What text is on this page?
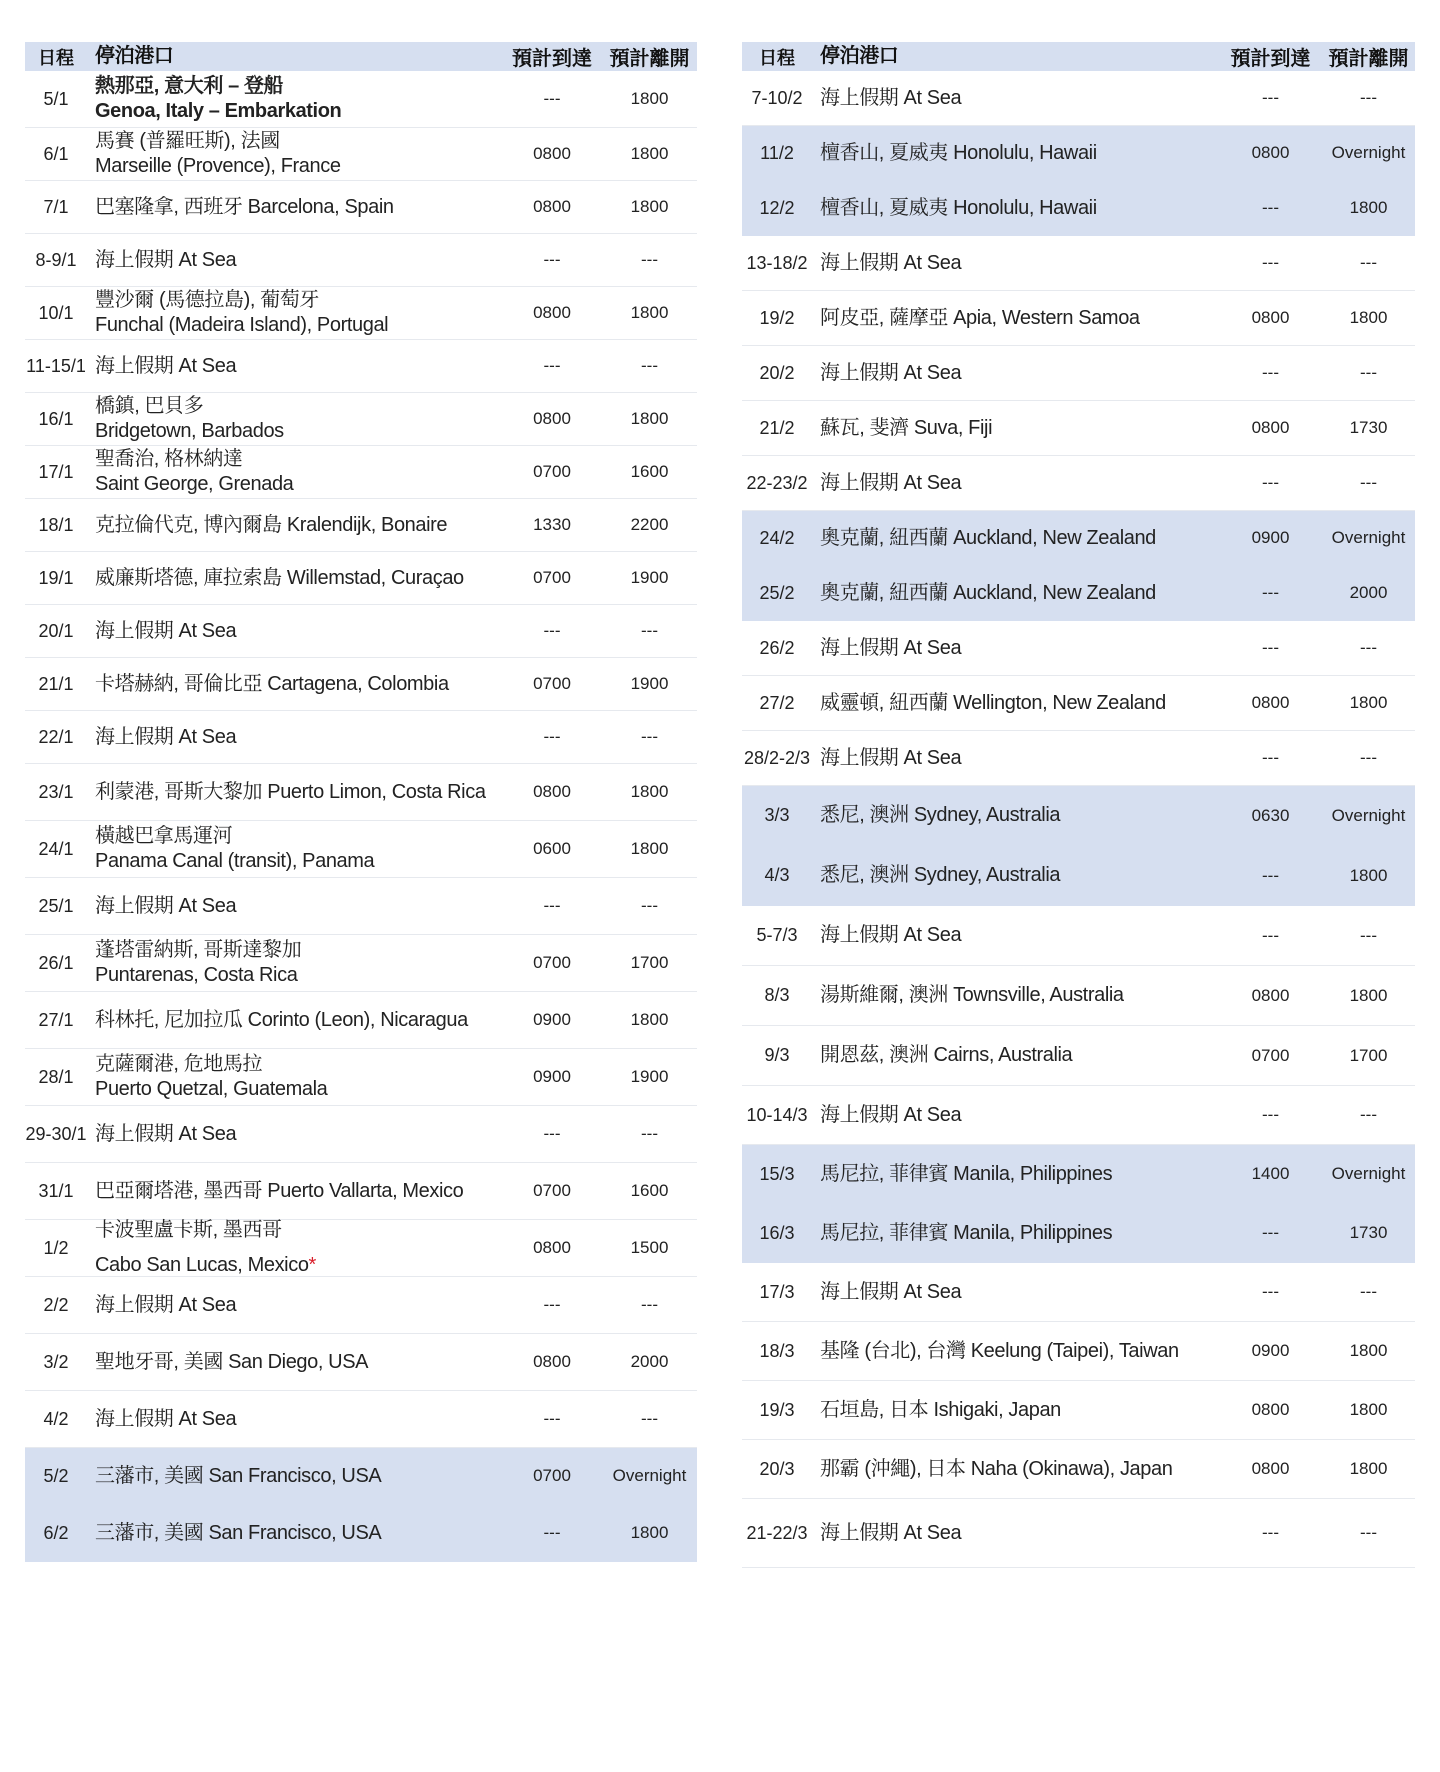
日程	停泊港口	預計到達 預計離開
5/1
熱那亞, 意大利 – 登船
Genoa, Italy – Embarkation
---	1800
6/1
馬賽 (普羅旺斯), 法國
Marseille (Provence), France
0800	1800
7/1	巴塞隆拿, 西班牙 Barcelona, Spain	0800	1800
8-9/1 海上假期 At Sea	---	---
10/1
豐沙爾 (馬德拉島), 葡萄牙
Funchal (Madeira Island), Portugal
0800	1800
11-15/1 海上假期 At Sea	---	---
16/1
橋鎮, 巴貝多
Bridgetown, Barbados
0800	1800
17/1
聖喬治, 格林納達
Saint George, Grenada
0700	1600
18/1	克拉倫代克, 博內爾島 Kralendijk, Bonaire	1330	2200
19/1	威廉斯塔德, 庫拉索島 Willemstad, Curaçao	0700	1900
20/1	海上假期 At Sea	---	---
21/1	卡塔赫納, 哥倫比亞 Cartagena, Colombia	0700	1900
22/1	海上假期 At Sea	---	---
23/1	利蒙港, 哥斯大黎加 Puerto Limon, Costa Rica	0800	1800
24/1
橫越巴拿馬運河
Panama Canal (transit), Panama
0600	1800
25/1	海上假期 At Sea	---	---
26/1
蓬塔雷納斯, 哥斯達黎加
Puntarenas, Costa Rica
0700	1700
27/1	科林托, 尼加拉瓜 Corinto (Leon), Nicaragua	0900	1800
28/1
克薩爾港, 危地馬拉
Puerto Quetzal, Guatemala
0900	1900
29-30/1 海上假期 At Sea	---	---
31/1	巴亞爾塔港, 墨西哥 Puerto Vallarta, Mexico	0700	1600
1/2
卡波聖盧卡斯, 墨西哥
Cabo San Lucas, Mexico*
0800	1500
2/2	海上假期 At Sea	---	---
3/2	聖地牙哥, 美國 San Diego, USA	0800	2000
4/2	海上假期 At Sea	---	---
5/2	三藩市, 美國 San Francisco, USA	0700	Overnight
6/2	三藩市, 美國 San Francisco, USA	---	1800
日程	停泊港口	預計到達 預計離開
7-10/2 海上假期 At Sea	---	---
11/2	檀香山, 夏威夷 Honolulu, Hawaii	0800	Overnight
12/2	檀香山, 夏威夷 Honolulu, Hawaii	---	1800
13-18/2 海上假期 At Sea	---	---
19/2	阿皮亞, 薩摩亞 Apia, Western Samoa	0800	1800
20/2	海上假期 At Sea	---	---
21/2	蘇瓦, 斐濟 Suva, Fiji	0800	1730
22-23/2 海上假期 At Sea	---	---
24/2	奧克蘭, 紐西蘭 Auckland, New Zealand	0900	Overnight
25/2	奧克蘭, 紐西蘭 Auckland, New Zealand	---	2000
26/2	海上假期 At Sea	---	---
27/2	威靈頓, 紐西蘭 Wellington, New Zealand	0800	1800
28/2-2/3 海上假期 At Sea	---	---
3/3	悉尼, 澳洲 Sydney, Australia	0630	Overnight
4/3	悉尼, 澳洲 Sydney, Australia	---	1800
5-7/3	海上假期 At Sea	---	---
8/3	湯斯維爾, 澳洲 Townsville, Australia	0800	1800
9/3	開恩茲, 澳洲 Cairns, Australia	0700	1700
10-14/3 海上假期 At Sea	---	---
15/3	馬尼拉, 菲律賓 Manila, Philippines	1400	Overnight
16/3	馬尼拉, 菲律賓 Manila, Philippines	---	1730
17/3	海上假期 At Sea	---	---
18/3	基隆 (台北), 台灣 Keelung (Taipei), Taiwan	0900	1800
19/3	石垣島, 日本 Ishigaki, Japan	0800	1800
20/3	那霸 (沖繩), 日本 Naha (Okinawa), Japan	0800	1800
21-22/3 海上假期 At Sea	---	---
